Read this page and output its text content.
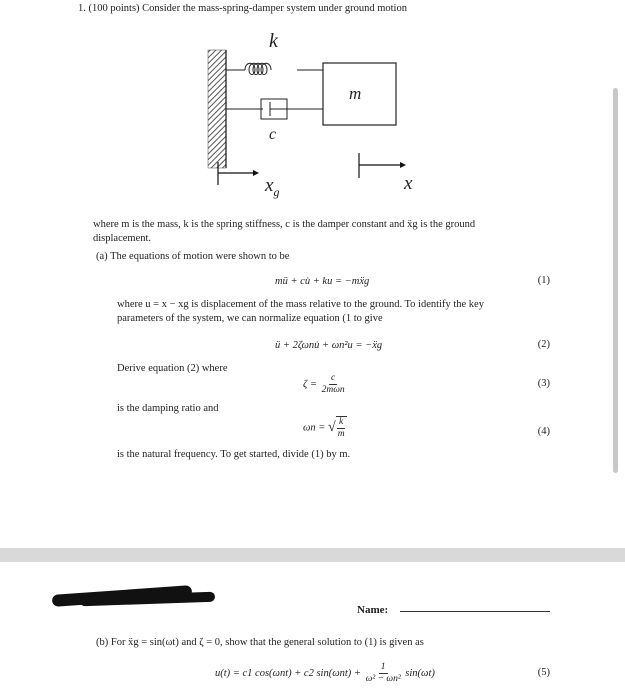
1. (100 points) Consider the mass-spring-damper system under ground motion
k
c
m
$x_g$	x
where m is the mass, k is the spring stiffness, c is the damper constant and ẍg is the ground
displacement.
(a) The equations of motion were shown to be
mü + cu̇ + ku = −mẍg	(1)
where u = x − xg is displacement of the mass relative to the ground. To identify the key
parameters of the system, we can normalize equation (1 to give
ü + 2ζωnu̇ + ωn²u = −ẍg	(2)
Derive equation (2) where
$\zeta = \frac{c}{\text{2mωn}}$	(3)
is the damping ratio and
ωn = √ $\frac{k}{m}$	(4)
is the natural frequency. To get started, divide (1) by m.
Name:
(b) For ẍg = sin(ωt) and ζ = 0, show that the general solution to (1) is given as
u(t) = c1 cos(ωnt) + c2 $\sin(\omega nt) + \frac{1}{\text{ω² − ωn²}} \sin(\omega t)$	(5)
